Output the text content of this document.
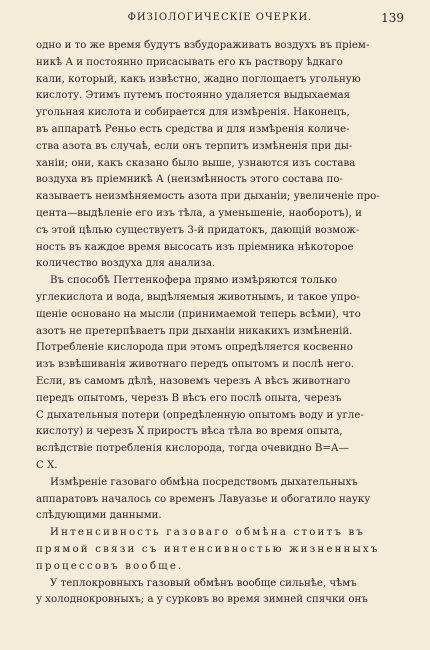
ФИЗІОЛОГИЧЕСКІЕ ОЧЕРКИ.	139

одно и то же время будутъ взбудораживать воздухъ въ пріем-
никѣ А и постоянно присасывать его къ раствору ѣдкаго
кали, который, какъ извѣстно, жадно поглощаетъ угольную
кислоту. Этимъ путемъ постоянно удаляется выдыхаемая
угольная кислота и собирается для измѣренія. Наконецъ,
въ аппаратѣ Реньо есть средства и для измѣренія количе-
ства азота въ случаѣ, если онъ терпитъ измѣненія при ды-
ханіи; они, какъ сказано было выше, узнаются изъ состава
воздуха въ пріемникѣ А (неизмѣнность этого состава по-
казываетъ неизмѣняемость азота при дыханіи; увеличеніе про-
цента—выдѣленіе его изъ тѣла, а уменьшеніе, наоборотъ), и
съ этой цѣлью существуетъ 3-й придатокъ, дающій возмож-
ность въ каждое время высосать изъ пріемника нѣкоторое
количество воздуха для анализа.

Въ способѣ Петтенкофера прямо измѣряются только
углекислота и вода, выдѣляемыя животнымъ, и такое упро-
щеніе основано на мысли (принимаемой теперь всѣми), что
азотъ не претерпѣваетъ при дыханіи никакихъ измѣненій.
Потребленіе кислорода при этомъ опредѣляется косвенно
изъ взвѣшиванія животнаго передъ опытомъ и послѣ него.
Если, въ самомъ дѣлѣ, назовемъ черезъ А вѣсъ животнаго
передъ опытомъ, черезъ В вѣсъ его послѣ опыта, черезъ
С дыхательныя потери (опредѣленную опытомъ воду и угле-
кислоту) и черезъ Х приростъ вѣса тѣла во время опыта,
вслѣдствіе потребленія кислорода, тогда очевидно В=А—
С Х.

Измѣреніе газоваго обмѣна посредствомъ дыхательныхъ
аппаратовъ началось со временъ Лавуазье и обогатило науку
слѣдующими данными.

Интенсивность газоваго обмѣна стоитъ въ
прямой связи съ интенсивностью жизненныхъ
процессовъ вообще.

У теплокровныхъ газовый обмѣнъ вообще сильнѣе, чѣмъ
у холоднокровныхъ; а у сурковъ во время зимней спячки онъ
